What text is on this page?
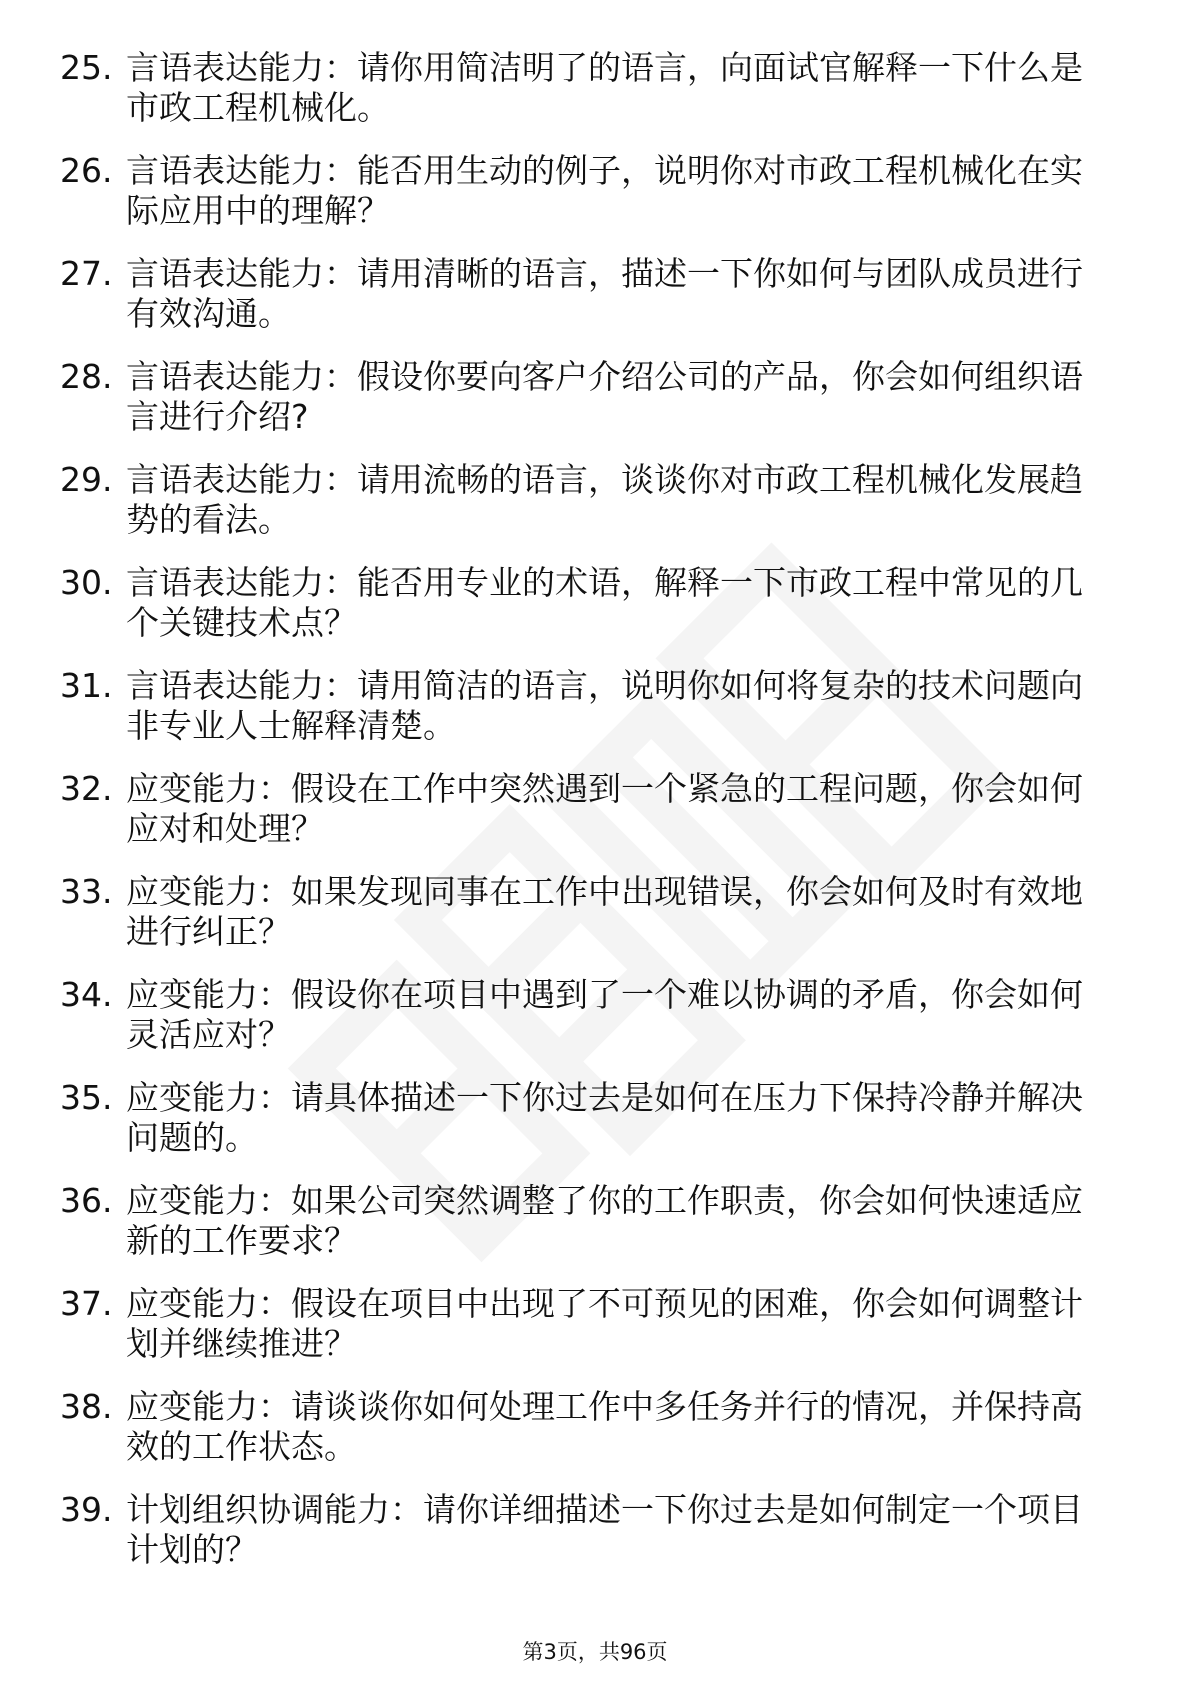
25. 言语表达能力：请你用简洁明了的语言，向面试官解释一下什么是市政工程机械化。
26. 言语表达能力：能否用生动的例子，说明你对市政工程机械化在实际应用中的理解？
27. 言语表达能力：请用清晰的语言，描述一下你如何与团队成员进行有效沟通。
28. 言语表达能力：假设你要向客户介绍公司的产品，你会如何组织语言进行介绍?
29. 言语表达能力：请用流畅的语言，谈谈你对市政工程机械化发展趋势的看法。
30. 言语表达能力：能否用专业的术语，解释一下市政工程中常见的几个关键技术点？
31. 言语表达能力：请用简洁的语言，说明你如何将复杂的技术问题向非专业人士解释清楚。
32. 应变能力：假设在工作中突然遇到一个紧急的工程问题，你会如何应对和处理？
33. 应变能力：如果发现同事在工作中出现错误，你会如何及时有效地进行纠正？
34. 应变能力：假设你在项目中遇到了一个难以协调的矛盾，你会如何灵活应对？
35. 应变能力：请具体描述一下你过去是如何在压力下保持冷静并解决问题的。
36. 应变能力：如果公司突然调整了你的工作职责，你会如何快速适应新的工作要求？
37. 应变能力：假设在项目中出现了不可预见的困难，你会如何调整计划并继续推进？
38. 应变能力：请谈谈你如何处理工作中多任务并行的情况，并保持高效的工作状态。
39. 计划组织协调能力：请你详细描述一下你过去是如何制定一个项目计划的？
第3页，共96页
